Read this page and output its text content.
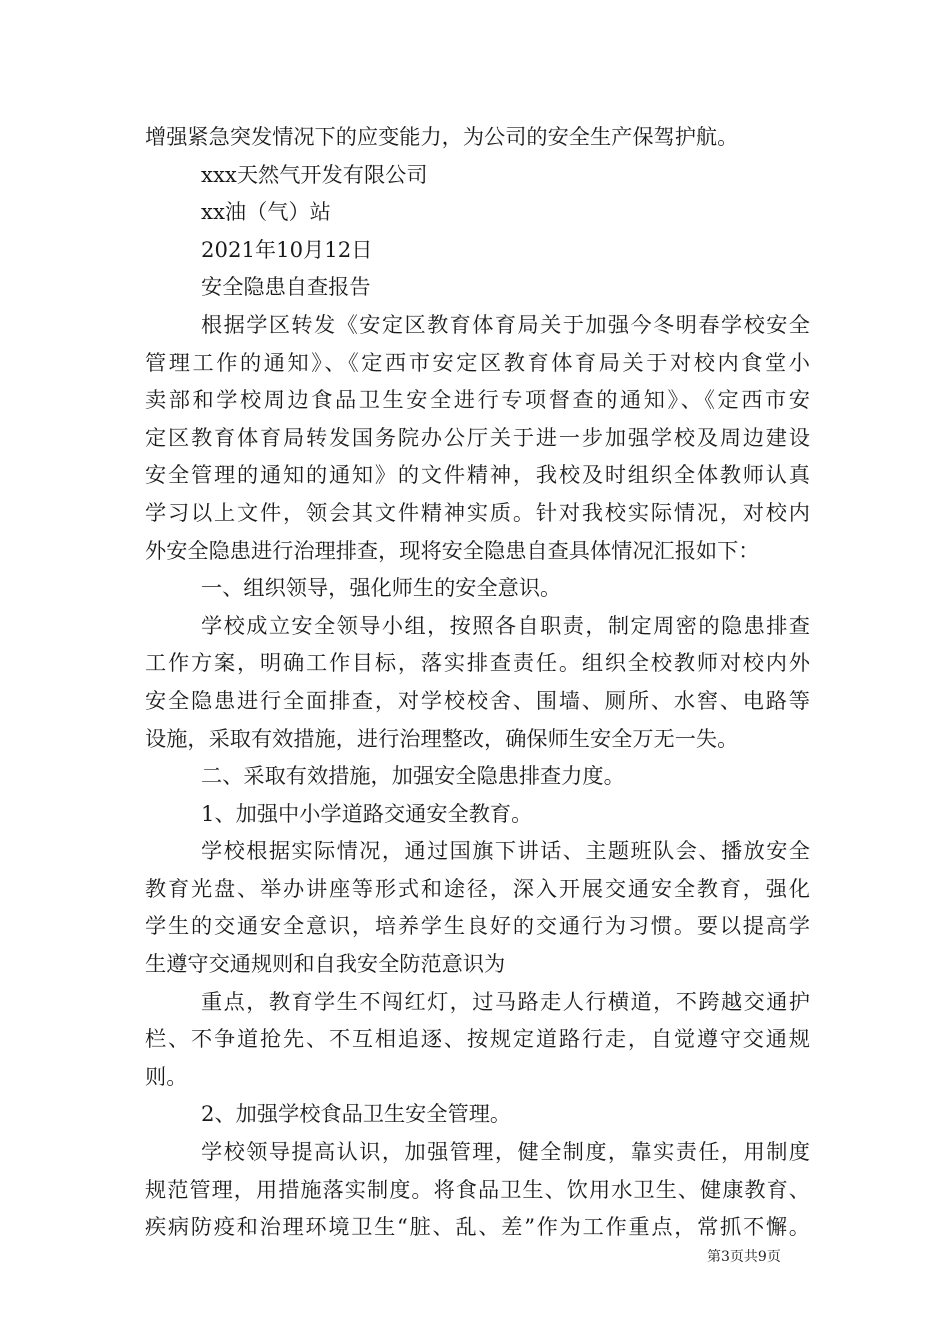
增强紧急突发情况下的应变能力，为公司的安全生产保驾护航。
xxx天然气开发有限公司
xx油（气）站
2021年10月12日
安全隐患自查报告
根据学区转发《安定区教育体育局关于加强今冬明春学校安全
管理工作的通知》、《定西市安定区教育体育局关于对校内食堂小
卖部和学校周边食品卫生安全进行专项督查的通知》、《定西市安
定区教育体育局转发国务院办公厅关于进一步加强学校及周边建设
安全管理的通知的通知》的文件精神，我校及时组织全体教师认真
学习以上文件，领会其文件精神实质。针对我校实际情况，对校内
外安全隐患进行治理排查，现将安全隐患自查具体情况汇报如下：
一、组织领导，强化师生的安全意识。
学校成立安全领导小组，按照各自职责，制定周密的隐患排查
工作方案，明确工作目标，落实排查责任。组织全校教师对校内外
安全隐患进行全面排查，对学校校舍、围墙、厕所、水窖、电路等
设施，采取有效措施，进行治理整改，确保师生安全万无一失。
二、采取有效措施，加强安全隐患排查力度。
1、加强中小学道路交通安全教育。
学校根据实际情况，通过国旗下讲话、主题班队会、播放安全
教育光盘、举办讲座等形式和途径，深入开展交通安全教育，强化
学生的交通安全意识，培养学生良好的交通行为习惯。要以提高学
生遵守交通规则和自我安全防范意识为
重点，教育学生不闯红灯，过马路走人行横道，不跨越交通护
栏、不争道抢先、不互相追逐、按规定道路行走，自觉遵守交通规
则。
2、加强学校食品卫生安全管理。
学校领导提高认识，加强管理，健全制度，靠实责任，用制度
规范管理，用措施落实制度。将食品卫生、饮用水卫生、健康教育、
疾病防疫和治理环境卫生“脏、乱、差”作为工作重点，常抓不懈。
第3页共9页
